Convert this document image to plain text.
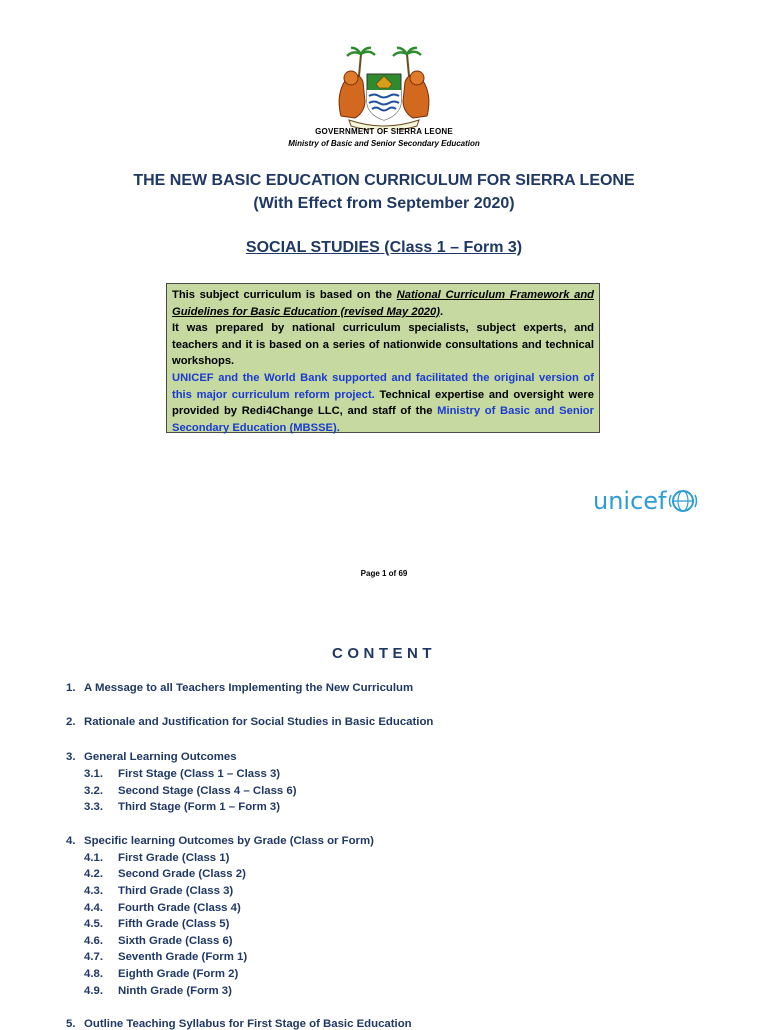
GOVERNMENT OF SIERRA LEONE
Ministry of Basic and Senior Secondary Education
THE NEW BASIC EDUCATION CURRICULUM FOR SIERRA LEONE
(With Effect from September 2020)
SOCIAL STUDIES (Class 1 – Form 3)

This subject curriculum is based on the National Curriculum Framework and Guidelines for Basic Education (revised May 2020).

It was prepared by national curriculum specialists, subject experts, and teachers and it is based on a series of nationwide consultations and technical workshops.

UNICEF and the World Bank supported and facilitated the original version of this major curriculum reform project. Technical expertise and oversight were provided by Redi4Change LLC, and staff of the Ministry of Basic and Senior Secondary Education (MBSSE).

unicef
Page 1 of 69
CONTENT
1. A Message to all Teachers Implementing the New Curriculum
2. Rationale and Justification for Social Studies in Basic Education
3. General Learning Outcomes
3.1. First Stage (Class 1 – Class 3)
3.2. Second Stage (Class 4 – Class 6)
3.3. Third Stage (Form 1 – Form 3)
4. Specific learning Outcomes by Grade (Class or Form)
4.1. First Grade (Class 1)
4.2. Second Grade (Class 2)
4.3. Third Grade (Class 3)
4.4. Fourth Grade (Class 4)
4.5. Fifth Grade (Class 5)
4.6. Sixth Grade (Class 6)
4.7. Seventh Grade (Form 1)
4.8. Eighth Grade (Form 2)
4.9. Ninth Grade (Form 3)
5. Outline Teaching Syllabus for First Stage of Basic Education
